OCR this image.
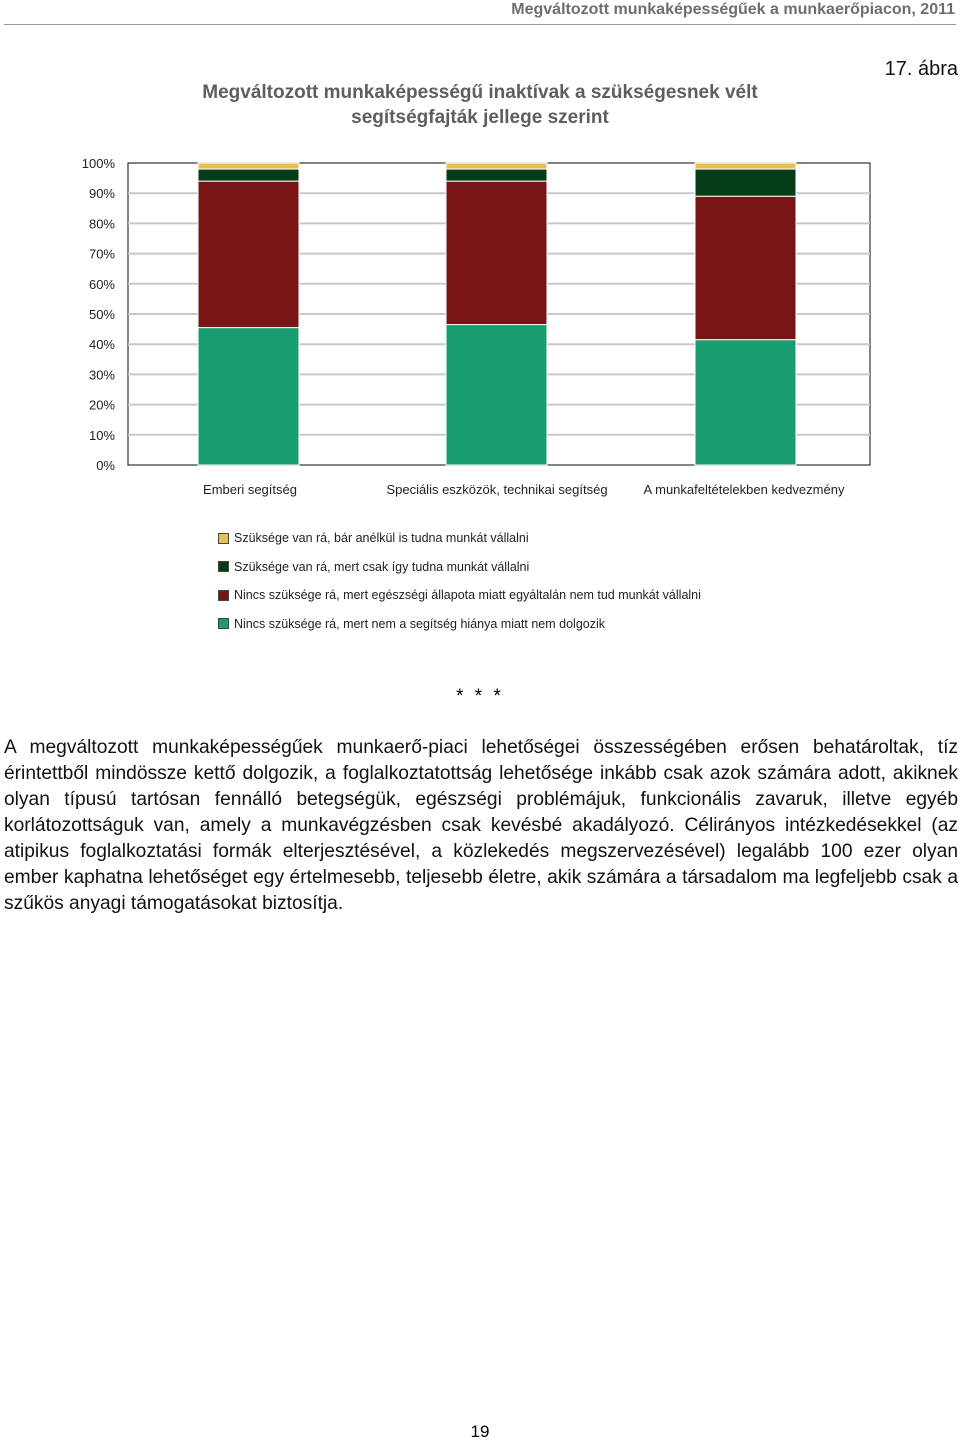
Megváltozott munkaképességűek a munkaerőpiacon, 2011
17. ábra
Megváltozott munkaképességű inaktívak a szükségesnek vélt
segítségfajták jellege szerint
0%
10%
20%
30%
40%
50%
60%
70%
80%
90%
100%
Emberi segítség	Speciális eszközök, technikai segítség	A munkafeltételekben kedvezmény
Szüksége van rá, bár anélkül is tudna munkát vállalni
Szüksége van rá, mert csak így tudna munkát vállalni
Nincs szüksége rá, mert egészségi állapota miatt egyáltalán nem tud munkát vállalni
Nincs szüksége rá, mert nem a segítség hiánya miatt nem dolgozik
* * *
A megváltozott munkaképességűek munkaerő-piaci lehetőségei összességében erősen behatároltak, tíz érintettből mindössze kettő dolgozik, a foglalkoztatottság lehetősége inkább csak azok számára adott, akiknek olyan típusú tartósan fennálló betegségük, egészségi problémájuk, funkcionális zavaruk, illetve egyéb korlátozottságuk van, amely a munkavégzésben csak kevésbé akadályozó. Célirányos intézkedésekkel (az atipikus foglalkoztatási formák elterjesztésével, a közlekedés megszervezésével) legalább 100 ezer olyan ember kaphatna lehetőséget egy értelmesebb, teljesebb életre, akik számára a társadalom ma legfeljebb csak a szűkös anyagi támogatásokat biztosítja.
19
